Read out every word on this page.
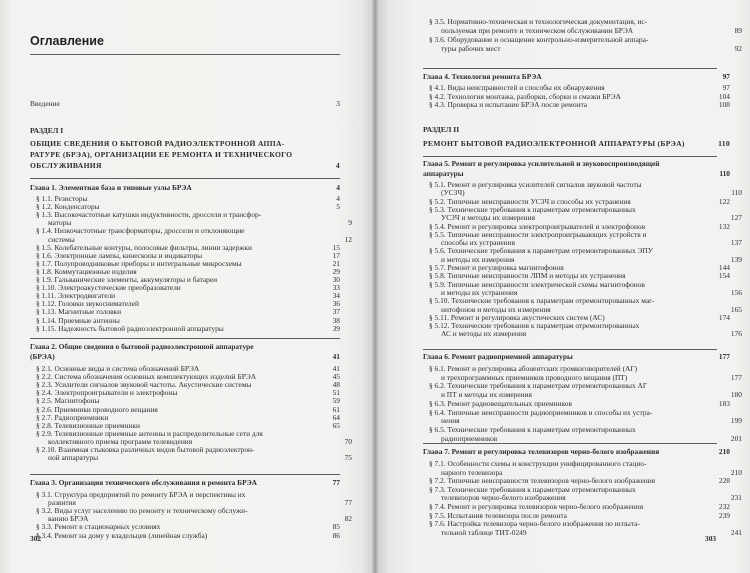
Оглавление
Введение	3
РАЗДЕЛ I
ОБЩИЕ СВЕДЕНИЯ О БЫТОВОЙ РАДИОЭЛЕКТРОННОЙ АППА-
РАТУРЕ (БРЭА), ОРГАНИЗАЦИИ ЕЕ РЕМОНТА И ТЕХНИЧЕСКОГО
ОБСЛУЖИВАНИЯ	4
Глава 1. Элементная база и типовые узлы БРЭА	4
§ 1.1. Резисторы	4
§ 1.2. Конденсаторы	5
§ 1.3. Высокочастотные катушки индуктивности, дроссели и трансфор-
маторы	9
§ 1.4. Низкочастотные трансформаторы, дроссели и отклоняющие
системы	12
§ 1.5. Колебательные контуры, полосовые фильтры, линии задержки	15
§ 1.6. Электронные лампы, кинескопы и индикаторы	17
§ 1.7. Полупроводниковые приборы и интегральные микросхемы	21
§ 1.8. Коммутационные изделия	29
§ 1.9. Гальванические элементы, аккумуляторы и батареи	30
§ 1.10. Электроакустические преобразователи	33
§ 1.11. Электродвигатели	34
§ 1.12. Головки звукоснимателей	36
§ 1.13. Магнитные головки	37
§ 1.14. Приемные антенны	38
§ 1.15. Надежность бытовой радиоэлектронной аппаратуры	39
Глава 2. Общие сведения о бытовой радиоэлектронной аппаратуре
(БРЭА)	41
§ 2.1. Основные виды и система обозначений БРЭА	41
§ 2.2. Система обозначения основных комплектующих изделий БРЭА	45
§ 2.3. Усилители сигналов звуковой частоты. Акустические системы	48
§ 2.4. Электропроигрыватели и электрофоны	51
§ 2.5. Магнитофоны	59
§ 2.6. Приемники проводного вещания	61
§ 2.7. Радиоприемники	64
§ 2.8. Телевизионные приемники	65
§ 2.9. Телевизионные приемные антенны и распределительные сети для
коллективного приема программ телевидения	70
§ 2.10. Взаимная стыковка различных видов бытовой радиоэлектрон-
ной аппаратуры	75
Глава 3. Организация технического обслуживания и ремонта БРЭА	77
§ 3.1. Структура предприятий по ремонту БРЭА и перспективы их
развития	77
§ 3.2. Виды услуг населению по ремонту и техническому обслужи-
ванию БРЭА	82
§ 3.3. Ремонт в стационарных условиях	85
§ 3.4. Ремонт на дому у владельцев (линейная служба)	86
302
§ 3.5. Нормативно-техническая и технологическая документация, ис-
пользуемая при ремонте и техническом обслуживании БРЭА	89
§ 3.6. Оборудование и оснащение контрольно-измерительной аппара-
туры рабочих мест	92
Глава 4. Технология ремонта БРЭА	97
§ 4.1. Виды неисправностей и способы их обнаружения	97
§ 4.2. Технология монтажа, разборки, сборки и смазки БРЭА	104
§ 4.3. Проверка и испытание БРЭА после ремонта	108
РАЗДЕЛ II
РЕМОНТ БЫТОВОЙ РАДИОЭЛЕКТРОННОЙ АППАРАТУРЫ (БРЭА)	110
Глава 5. Ремонт и регулировка усилительной и звуковоспроизводящей
аппаратуры	110
§ 5.1. Ремонт и регулировка усилителей сигналов звуковой частоты
(УС3Ч)	110
§ 5.2. Типичные неисправности УС3Ч и способы их устранения	122
§ 5.3. Технические требования к параметрам отремонтированных
УС3Ч и методы их измерения	127
§ 5.4. Ремонт и регулировка электропроигрывателей и электрофонов	132
§ 5.5. Типичные неисправности электропроигрывающих устройств и
способы их устранения	137
§ 5.6. Технические требования к параметрам отремонтированных ЭПУ
и методы их измерения	139
§ 5.7. Ремонт и регулировка магнитофонов	144
§ 5.8. Типичные неисправности ЛПМ и методы их устранения	154
§ 5.9. Типичные неисправности электрической схемы магнитофонов
и методы их устранения	156
§ 5.10. Технические требования к параметрам отремонтированных маг-
нитофонов и методы их измерения	165
§ 5.11. Ремонт и регулировка акустических систем (АС)	174
§ 5.12. Технические требования к параметрам отремонтированных
АС и методы их измерения	176
Глава 6. Ремонт радиоприемной аппаратуры	177
§ 6.1. Ремонт и регулировка абонентских громкоговорителей (АГ)
и трехпрограммных приемников проводного вещания (ПТ)	177
§ 6.2. Технические требования к параметрам отремонтированных АГ
и ПТ и методы их измерения	180
§ 6.3. Ремонт радиовещательных приемников	183
§ 6.4. Типичные неисправности радиоприемников и способы их устра-
нения	199
§ 6.5. Технические требования к параметрам отремонтированных
радиоприемников	201
Глава 7. Ремонт и регулировка телевизоров черно-белого изображения	210
§ 7.1. Особенности схемы и конструкции унифицированного стацио-
нарного телевизора	210
§ 7.2. Типичные неисправности телевизоров черно-белого изображения	228
§ 7.3. Технические требования к параметрам отремонтированных
телевизоров черно-белого изображения	231
§ 7.4. Ремонт и регулировка телевизоров черно-белого изображения	232
§ 7.5. Испытания телевизора после ремонта	239
§ 7.6. Настройка телевизора черно-белого изображения по испыта-
тельной таблице ТИТ-0249	241
303
